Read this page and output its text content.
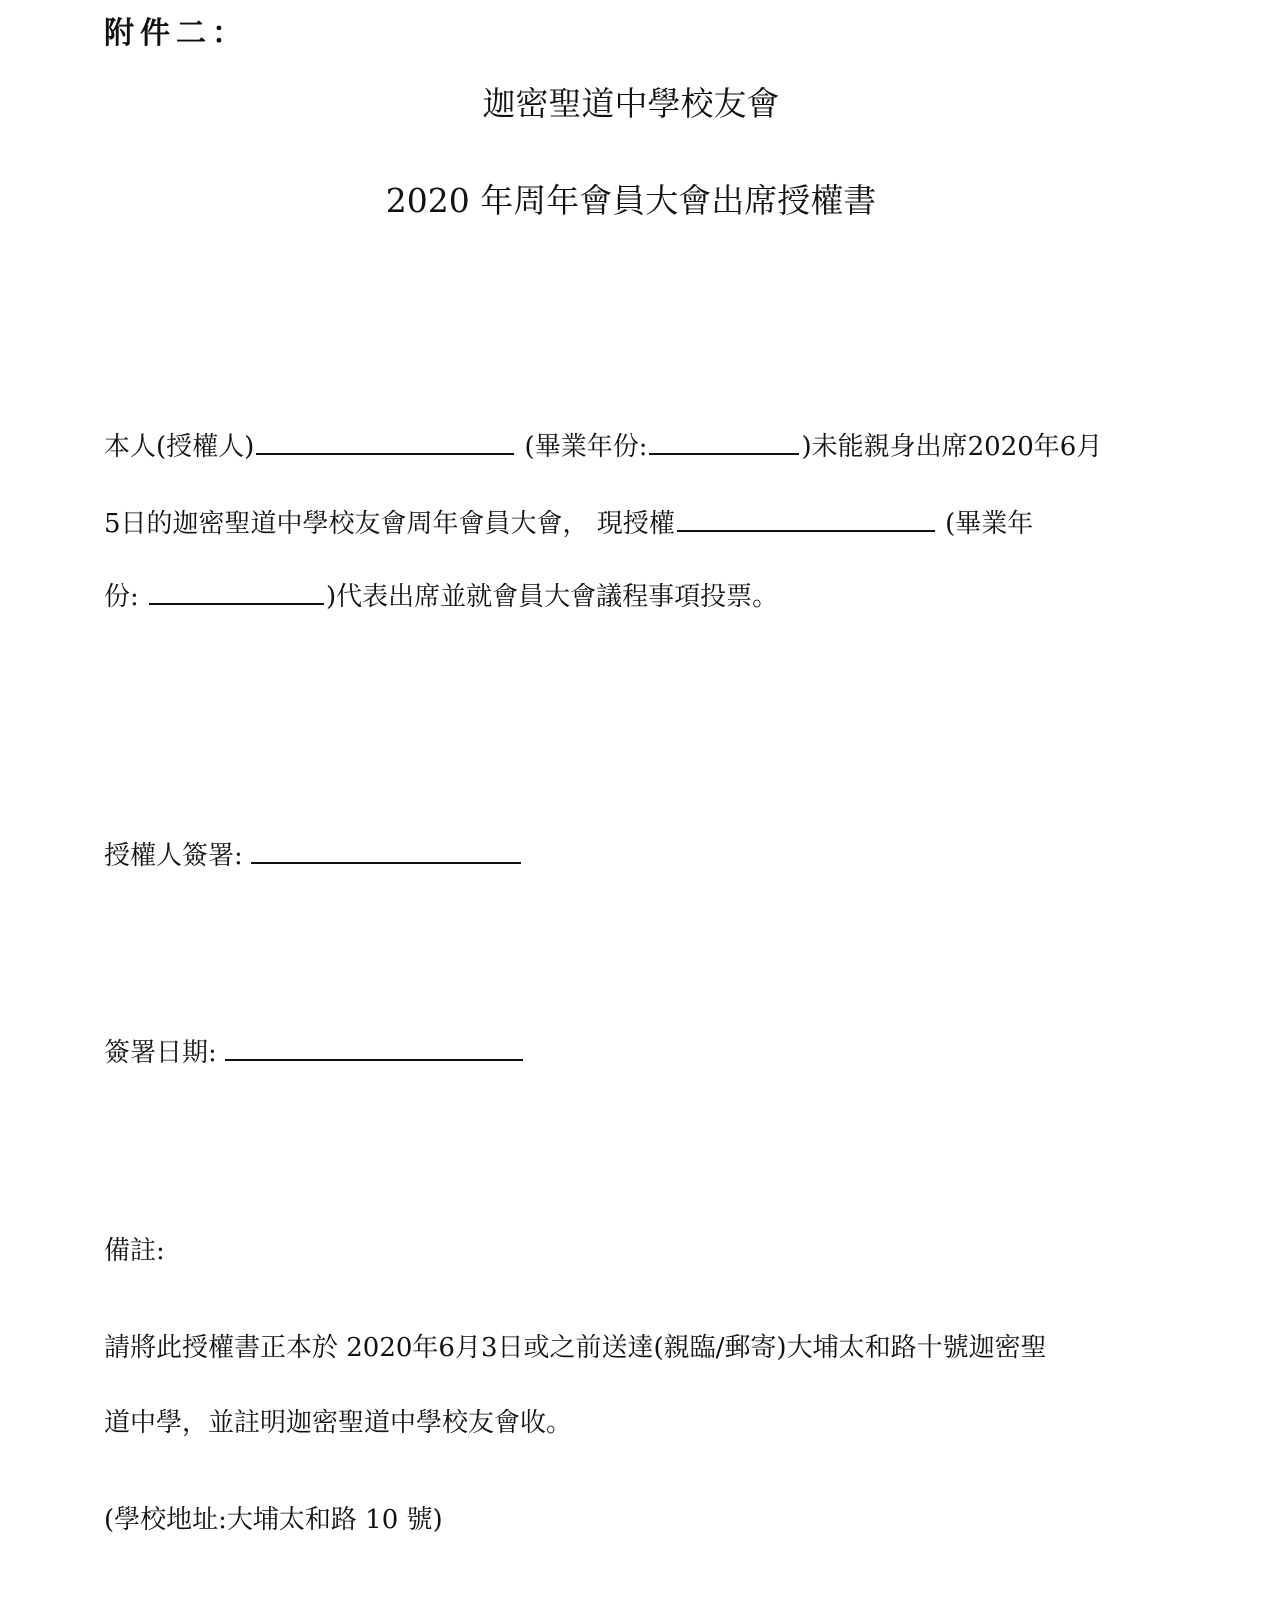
附件二：
迦密聖道中學校友會
2020 年周年會員大會出席授權書
本人(授權人)	(畢業年份:	)未能親身出席2020年6月
5日的迦密聖道中學校友會周年會員大會， 現授權	(畢業年
份:	)代表出席並就會員大會議程事項投票。
授權人簽署:
簽署日期:
備註:
請將此授權書正本於 2020年6月3日或之前送達(親臨/郵寄)大埔太和路十號迦密聖
道中學，並註明迦密聖道中學校友會收。
(學校地址:大埔太和路 10 號)
